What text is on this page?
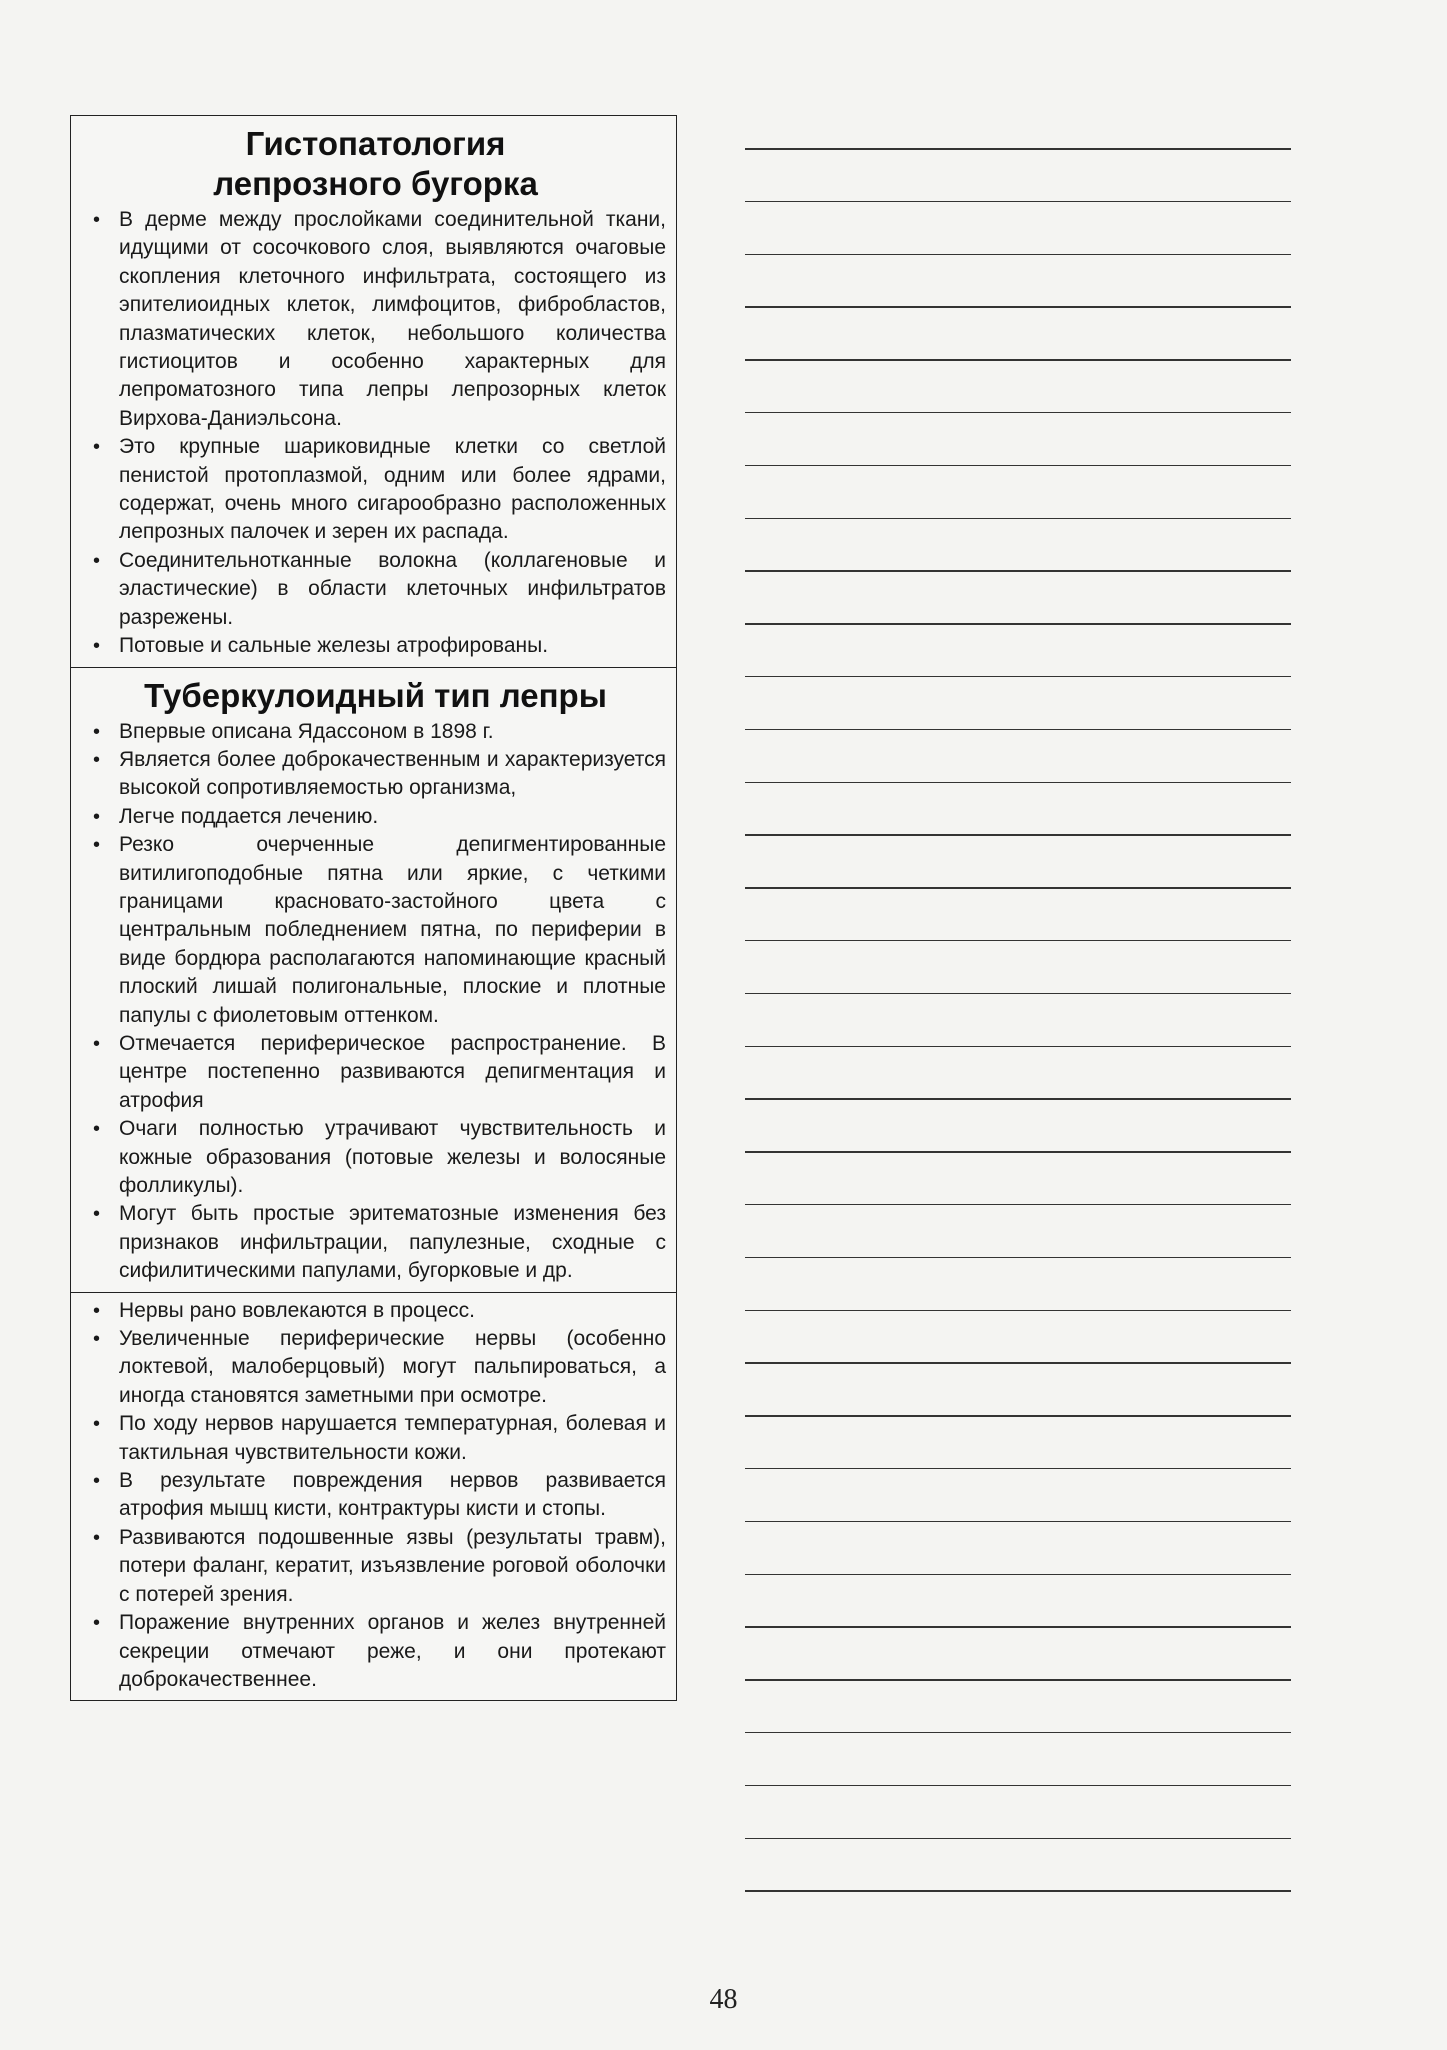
Гистопатология
лепрозного бугорка
• В дерме между прослойками соединительной ткани, идущими от сосочкового слоя, выявляются очаговые скопления клеточного инфильтрата, состоящего из эпителиоидных клеток, лимфоцитов, фибробластов, плазматических клеток, небольшого количества гистиоцитов и особенно характерных для лепроматозного типа лепры лепрозорных клеток Вирхова-Даниэльсона.
• Это крупные шариковидные клетки со светлой пенистой протоплазмой, одним или более ядрами, содержат, очень много сигарообразно расположенных лепрозных палочек и зерен их распада.
• Соединительнотканные волокна (коллагеновые и эластические) в области клеточных инфильтратов разрежены.
• Потовые и сальные железы атрофированы.
Туберкулоидный тип лепры
• Впервые описана Ядассоном в 1898 г.
• Является более доброкачественным и характеризуется высокой сопротивляемостью организма,
• Легче поддается лечению.
• Резко очерченные депигментированные витилигоподобные пятна или яркие, с четкими границами красновато-застойного цвета с центральным побледнением пятна, по периферии в виде бордюра располагаются напоминающие красный плоский лишай полигональные, плоские и плотные папулы с фиолетовым оттенком.
• Отмечается периферическое распространение. В центре постепенно развиваются депигментация и атрофия
• Очаги полностью утрачивают чувствительность и кожные образования (потовые железы и волосяные фолликулы).
• Могут быть простые эритематозные изменения без признаков инфильтрации, папулезные, сходные с сифилитическими папулами, бугорковые и др.
• Нервы рано вовлекаются в процесс.
• Увеличенные периферические нервы (особенно локтевой, малоберцовый) могут пальпироваться, а иногда становятся заметными при осмотре.
• По ходу нервов нарушается температурная, болевая и тактильная чувствительности кожи.
• В результате повреждения нервов развивается атрофия мышц кисти, контрактуры кисти и стопы.
• Развиваются подошвенные язвы (результаты травм), потери фаланг, кератит, изъязвление роговой оболочки с потерей зрения.
• Поражение внутренних органов и желез внутренней секреции отмечают реже, и они протекают доброкачественнее.
48
